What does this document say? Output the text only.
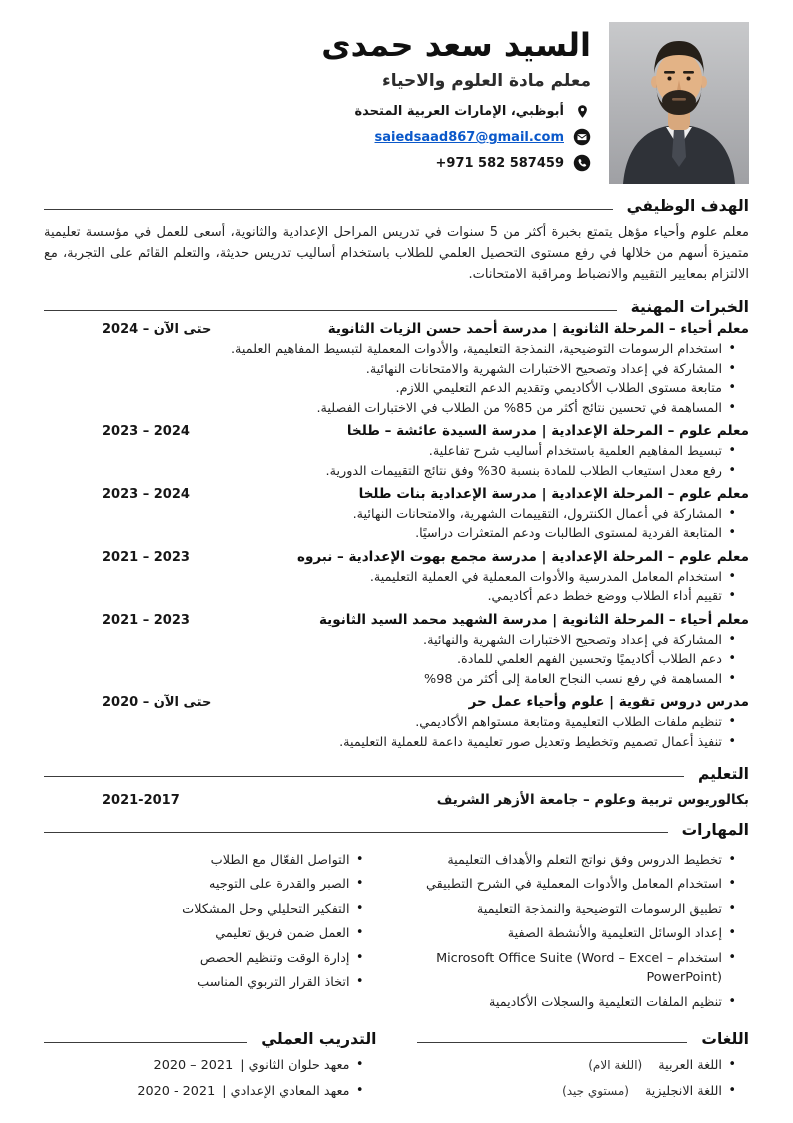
السيد سعد حمدى
معلم مادة العلوم والاحياء
أبوظبي، الإمارات العربية المتحدة
saiedsaad867@gmail.com
+971 582 587459
الهدف الوظيفي

معلم علوم وأحياء مؤهل يتمتع بخبرة أكثر من 5 سنوات في تدريس المراحل الإعدادية والثانوية، أسعى للعمل في مؤسسة تعليمية متميزة أسهم من خلالها في رفع مستوى التحصيل العلمي للطلاب باستخدام أساليب تدريس حديثة، والتعلم القائم على التجربة، مع الالتزام بمعايير التقييم والانضباط ومراقبة الامتحانات.

الخبرات المهنية
معلم أحياء – المرحلة الثانوية | مدرسة أحمد حسن الزيات الثانوية
2024 – حتى الآن
• استخدام الرسومات التوضيحية، النمذجة التعليمية، والأدوات المعملية لتبسيط المفاهيم العلمية.
• المشاركة في إعداد وتصحيح الاختبارات الشهرية والامتحانات النهائية.
• متابعة مستوى الطلاب الأكاديمي وتقديم الدعم التعليمي اللازم.
• المساهمة في تحسين نتائج أكثر من 85% من الطلاب في الاختبارات الفصلية.
معلم علوم – المرحلة الإعدادية | مدرسة السيدة عائشة – طلخا
2023 – 2024
• تبسيط المفاهيم العلمية باستخدام أساليب شرح تفاعلية.
• رفع معدل استيعاب الطلاب للمادة بنسبة 30% وفق نتائج التقييمات الدورية.
معلم علوم – المرحلة الإعدادية | مدرسة الإعدادية بنات طلخا
2023 – 2024
• المشاركة في أعمال الكنترول، التقييمات الشهرية، والامتحانات النهائية.
• المتابعة الفردية لمستوى الطالبات ودعم المتعثرات دراسيًا.
معلم علوم – المرحلة الإعدادية | مدرسة مجمع بهوت الإعدادية – نبروه
2021 – 2023
• استخدام المعامل المدرسية والأدوات المعملية في العملية التعليمية.
• تقييم أداء الطلاب ووضع خطط دعم أكاديمي.
معلم أحياء – المرحلة الثانوية | مدرسة الشهيد محمد السيد الثانوية
2021 – 2023
• المشاركة في إعداد وتصحيح الاختبارات الشهرية والنهائية.
• دعم الطلاب أكاديميًا وتحسين الفهم العلمي للمادة.
• المساهمة في رفع نسب النجاح العامة إلى أكثر من 98%
مدرس دروس تقوية | علوم وأحياء عمل حر
2020 – حتى الآن
• تنظيم ملفات الطلاب التعليمية ومتابعة مستواهم الأكاديمي.
• تنفيذ أعمال تصميم وتخطيط وتعديل صور تعليمية داعمة للعملية التعليمية.
التعليم
بكالوريوس تربية وعلوم – جامعة الأزهر الشريف
2021-2017
المهارات
• تخطيط الدروس وفق نواتج التعلم والأهداف التعليمية
• استخدام المعامل والأدوات المعملية في الشرح التطبيقي
• تطبيق الرسومات التوضيحية والنمذجة التعليمية
• إعداد الوسائل التعليمية والأنشطة الصفية
• استخدام Microsoft Office Suite (Word – Excel – PowerPoint)
• تنظيم الملفات التعليمية والسجلات الأكاديمية
• التواصل الفعّال مع الطلاب
• الصبر والقدرة على التوجيه
• التفكير التحليلي وحل المشكلات
• العمل ضمن فريق تعليمي
• إدارة الوقت وتنظيم الحصص
• اتخاذ القرار التربوي المناسب
اللغات
• اللغة العربية
(اللغة الام)
• اللغة الانجليزية
(مستوي جيد)
التدريب العملي
• معهد حلوان الثانوي |
2020 – 2021
• معهد المعادي الإعدادي |
2020 - 2021
